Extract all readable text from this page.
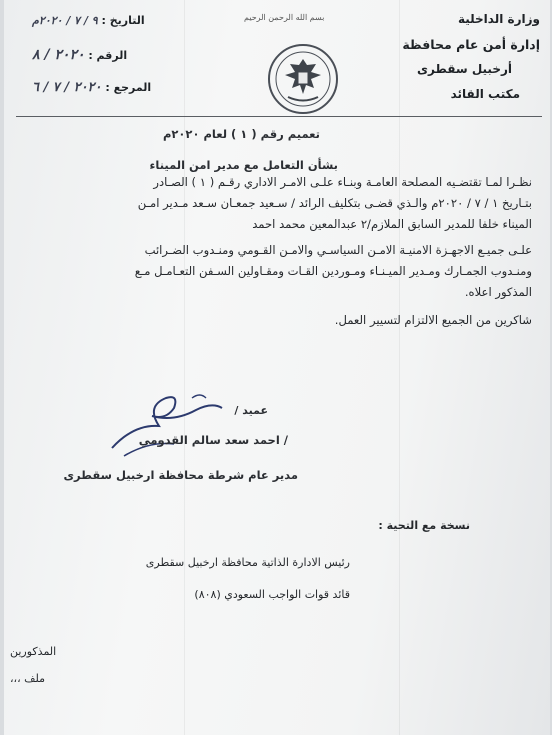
وزارة الداخلية
إدارة أمن عام محافظة
أرخبيل سقطرى
مكتب القائد
بسم الله الرحمن الرحيم
التاريخ : ٩ / ٧ / ٢٠٢٠م
الرقم : ٢٠٢٠ / ٨
المرجع : ٢٠٢٠ / ٧ / ٦
تعميم رقم ( ١ ) لعام ٢٠٢٠م
بشأن التعامل مع مدير امن الميناء
نظـرا لمـا تقتضـيه المصلحة العامـة وبنـاء علـى الامـر الاداري رقـم ( ١ ) الصـادر
بتـاريخ ١ / ٧ / ٢٠٢٠م والـذي قضـى بتكليف الرائد / سـعيد جمعـان سـعد مـدير امـن
الميناء خلفا للمدير السابق الملازم/٢ عبدالمعين محمد احمد
علـى جميـع الاجهـزة الامنيـة الامـن السياسـي والامـن القـومي ومنـدوب الضـرائب
ومنـدوب الجمـارك ومـدير الميـنـاء ومـوردين القـات ومقـاولين السـفن التعـامـل مـع
المذكور اعلاه.
شاكرين من الجميع الالتزام لتسيير العمل.
عميد /
/ احمد سعد سالم القدومي
مدير عام شرطة محافظة ارخبيل سقطرى
نسخة مع التحية :
رئيس الادارة الذاتية محافظة ارخبيل سقطرى
قائد قوات الواجب السعودي (٨٠٨)
المذكورين
ملف ،،،
